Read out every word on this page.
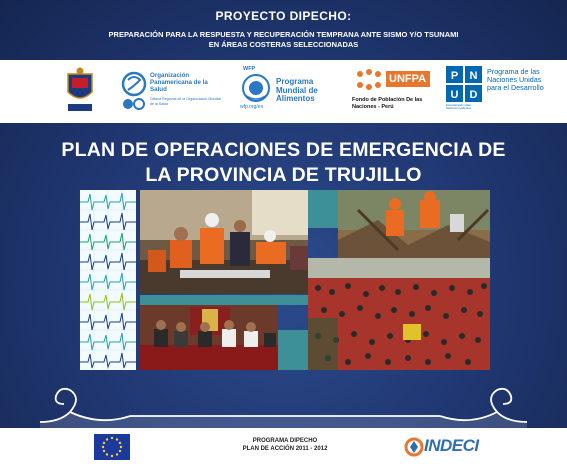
PROYECTO DIPECHO:
PREPARACIÓN PARA LA RESPUESTA Y RECUPERACIÓN TEMPRANA ANTE SISMO Y/O TSUNAMI
EN ÁREAS COSTERAS SELECCIONADAS
Organización Panamericana de la Salud
Oficina Regional de la Organización Mundial de la Salud
WFP
wfp.org/es
Programa Mundial de Alimentos
UNFPA
Fondo de Población De las Naciones - Perú
P N
U D
Empoderando vidas. Naciones resilientes.
Programa de las Naciones Unidas para el Desarrollo
PLAN DE OPERACIONES DE EMERGENCIA DE
LA PROVINCIA DE TRUJILLO
PROGRAMA DIPECHO
PLAN DE ACCIÓN 2011 - 2012	INDECI
